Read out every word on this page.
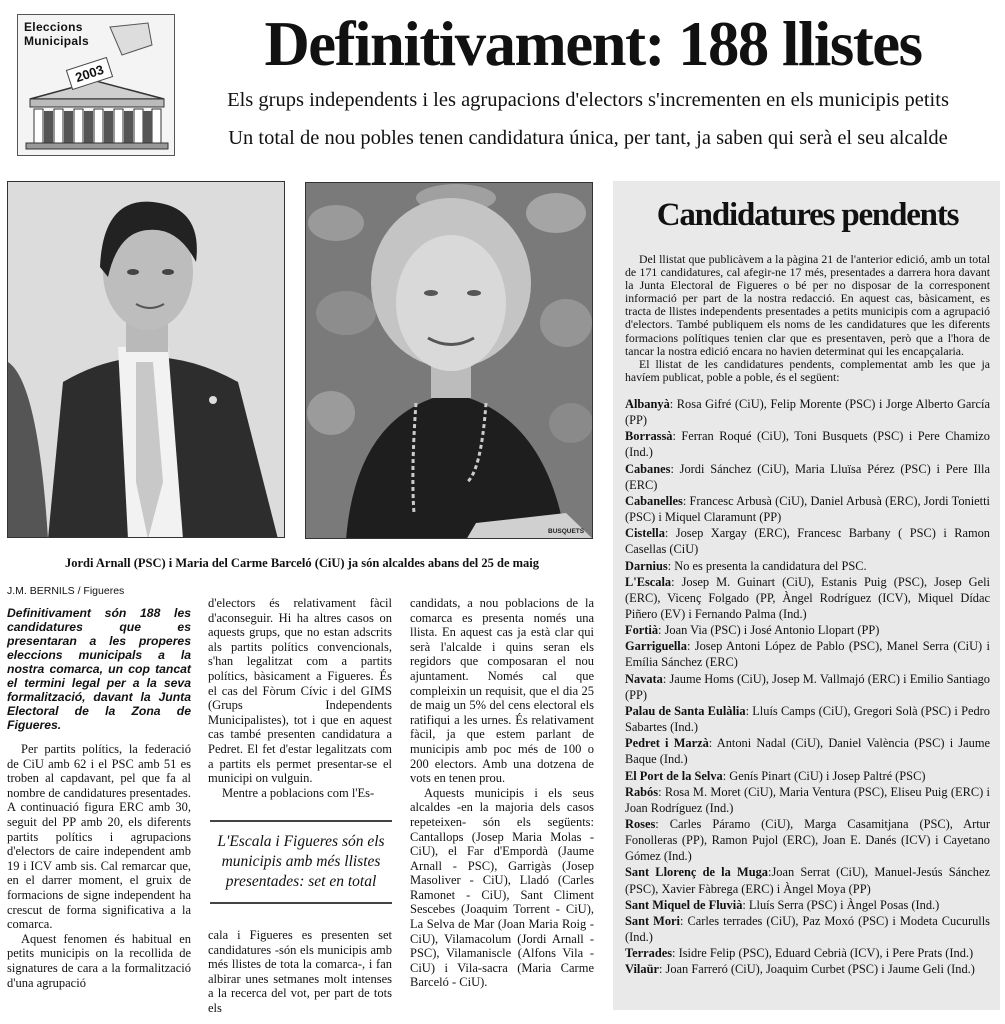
Eleccions
Municipals
2003	Definitivament: 188 llistes
Els grups independents i les agrupacions d'electors s'incrementen en els municipis petits
Un total de nou pobles tenen candidatura única, per tant, ja saben qui serà el seu alcalde
BUSQUETS
Jordi Arnall (PSC) i Maria del Carme Barceló (CiU) ja són alcaldes abans del 25 de maig
J.M. BERNILS / Figueres
Definitivament són 188 les candidatures que es presentaran a les properes eleccions municipals a la nostra comarca, un cop tancat el termini legal per a la seva formalització, davant la Junta Electoral de la Zona de Figueres.

Per partits polítics, la federació de CiU amb 62 i el PSC amb 51 es troben al capdavant, pel que fa al nombre de candidatures presentades. A continuació figura ERC amb 30, seguit del PP amb 20, els diferents partits polítics i agrupacions d'electors de caire independent amb 19 i ICV amb sis. Cal remarcar que, en el darrer moment, el gruix de formacions de signe independent ha crescut de forma significativa a la comarca.

Aquest fenomen és habitual en petits municipis on la recollida de signatures de cara a la formalització d'una agrupació

d'electors és relativament fàcil d'aconseguir. Hi ha altres casos on aquests grups, que no estan adscrits als partits polítics convencionals, s'han legalitzat com a partits polítics, bàsicament a Figueres. És el cas del Fòrum Cívic i del GIMS (Grups Independents Municipalistes), tot i que en aquest cas també presenten candidatura a Pedret. El fet d'estar legalitzats com a partits els permet presentar-se el municipi on vulguin.

Mentre a poblacions com l'Es-

L'Escala i Figueres són els municipis amb més llistes presentades: set en total

cala i Figueres es presenten set candidatures -són els municipis amb més llistes de tota la comarca-, i fan albirar unes setmanes molt intenses a la recerca del vot, per part de tots els

candidats, a nou poblacions de la comarca es presenta només una llista. En aquest cas ja està clar qui serà l'alcalde i quins seran els regidors que composaran el nou ajuntament. Només cal que compleixin un requisit, que el dia 25 de maig un 5% del cens electoral els ratifiqui a les urnes. És relativament fàcil, ja que estem parlant de municipis amb poc més de 100 o 200 electors. Amb una dotzena de vots en tenen prou.

Aquests municipis i els seus alcaldes -en la majoria dels casos repeteixen- són els següents: Cantallops (Josep Maria Molas - CiU), el Far d'Empordà (Jaume Arnall - PSC), Garrigàs (Josep Masoliver - CiU), Lladó (Carles Ramonet - CiU), Sant Climent Sescebes (Joaquim Torrent - CiU), La Selva de Mar (Joan Maria Roig - CiU), Vilamacolum (Jordi Arnall - PSC), Vilamaniscle (Alfons Vila - CiU) i Vila-sacra (Maria Carme Barceló - CiU).

Candidatures pendents

Del llistat que publicàvem a la pàgina 21 de l'anterior edició, amb un total de 171 candidatures, cal afegir-ne 17 més, presentades a darrera hora davant la Junta Electoral de Figueres o bé per no disposar de la corresponent informació per part de la nostra redacció. En aquest cas, bàsicament, es tracta de llistes independents presentades a petits municipis com a agrupació d'electors. També publiquem els noms de les candidatures que les diferents formacions polítiques tenien clar que es presentaven, però que a l'hora de tancar la nostra edició encara no havien determinat qui les encapçalaria.

El llistat de les candidatures pendents, complementat amb les que ja havíem publicat, poble a poble, és el següent:

Albanyà: Rosa Gifré (CiU), Felip Morente (PSC) i Jorge Alberto García (PP)
Borrassà: Ferran Roqué (CiU), Toni Busquets (PSC) i Pere Chamizo (Ind.)
Cabanes: Jordi Sánchez (CiU), Maria Lluïsa Pérez (PSC) i Pere Illa (ERC)
Cabanelles: Francesc Arbusà (CiU), Daniel Arbusà (ERC), Jordi Tonietti (PSC) i Miquel Claramunt (PP)
Cistella: Josep Xargay (ERC), Francesc Barbany ( PSC) i Ramon Casellas (CiU)
Darnius: No es presenta la candidatura del PSC.
L'Escala: Josep M. Guinart (CiU), Estanis Puig (PSC), Josep Geli (ERC), Vicenç Folgado (PP, Àngel Rodríguez (ICV), Miquel Dídac Piñero (EV) i Fernando Palma (Ind.)
Fortià: Joan Via (PSC) i José Antonio Llopart (PP)
Garriguella: Josep Antoni López de Pablo (PSC), Manel Serra (CiU) i Emília Sánchez (ERC)
Navata: Jaume Homs (CiU), Josep M. Vallmajó (ERC) i Emilio Santiago (PP)
Palau de Santa Eulàlia: Lluís Camps (CiU), Gregori Solà (PSC) i Pedro Sabartes (Ind.)
Pedret i Marzà: Antoni Nadal (CiU), Daniel València (PSC) i Jaume Baque (Ind.)
El Port de la Selva: Genís Pinart (CiU) i Josep Paltré (PSC)
Rabós: Rosa M. Moret (CiU), Maria Ventura (PSC), Eliseu Puig (ERC) i Joan Rodríguez (Ind.)
Roses: Carles Páramo (CiU), Marga Casamitjana (PSC), Artur Fonolleras (PP), Ramon Pujol (ERC), Joan E. Danés (ICV) i Cayetano Gómez (Ind.)
Sant Llorenç de la Muga:Joan Serrat (CiU), Manuel-Jesús Sánchez (PSC), Xavier Fàbrega (ERC) i Àngel Moya (PP)
Sant Miquel de Fluvià: Lluís Serra (PSC) i Àngel Posas (Ind.)
Sant Mori: Carles terrades (CiU), Paz Moxó (PSC) i Modeta Cucurulls (Ind.)
Terrades: Isidre Felip (PSC), Eduard Cebrià (ICV), i Pere Prats (Ind.)
Vilaür: Joan Farreró (CiU), Joaquim Curbet (PSC) i Jaume Geli (Ind.)
